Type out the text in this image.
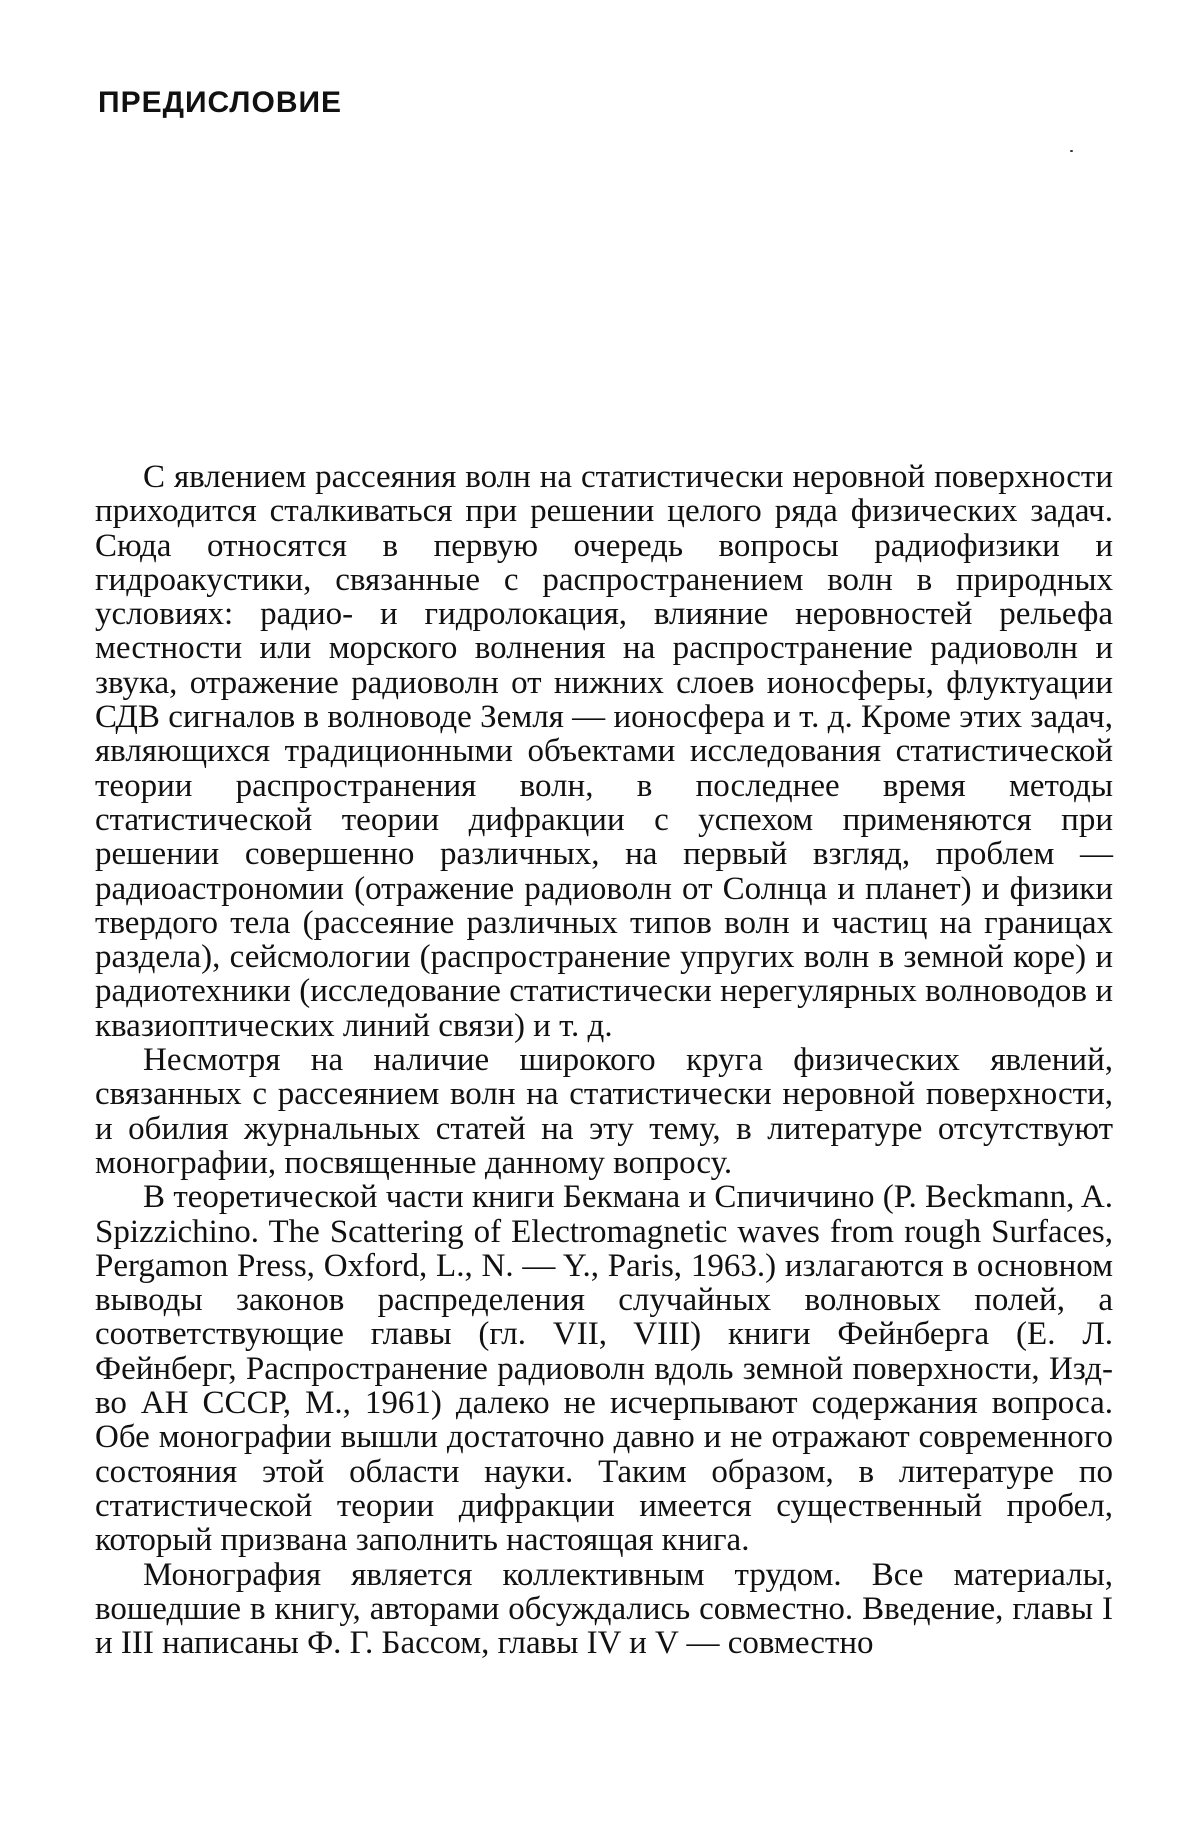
ПРЕДИСЛОВИЕ

С явлением рассеяния волн на статистически неровной поверхности приходится сталкиваться при решении целого ряда физических задач. Сюда относятся в первую очередь вопросы радиофизики и гидроакустики, связанные с распространением волн в природных условиях: радио- и гидролокация, влияние неровностей рельефа местности или морского волнения на распространение радиоволн и звука, отражение радиоволн от нижних слоев ионосферы, флуктуации СДВ сигналов в волноводе Земля — ионосфера и т. д. Кроме этих задач, являющихся традиционными объектами исследования статистической теории распространения волн, в последнее время методы статистической теории дифракции с успехом применяются при решении совершенно различных, на первый взгляд, проблем — радиоастрономии (отражение радиоволн от Солнца и планет) и физики твердого тела (рассеяние различных типов волн и частиц на границах раздела), сейсмологии (распространение упругих волн в земной коре) и радиотехники (исследование статистически нерегулярных волноводов и квазиоптических линий связи) и т. д.

Несмотря на наличие широкого круга физических явлений, связанных с рассеянием волн на статистически неровной поверхности, и обилия журнальных статей на эту тему, в литературе отсутствуют монографии, посвященные данному вопросу.

В теоретической части книги Бекмана и Спичичино (P. Beckmann, A. Spizzichino. The Scattering of Electromagnetic waves from rough Surfaces, Pergamon Press, Oxford, L., N. — Y., Paris, 1963.) излагаются в основном выводы законов распределения случайных волновых полей, а соответствующие главы (гл. VII, VIII) книги Фейнберга (Е. Л. Фейнберг, Распространение радиоволн вдоль земной поверхности, Изд-во АН СССР, М., 1961) далеко не исчерпывают содержания вопроса. Обе монографии вышли достаточно давно и не отражают современного состояния этой области науки. Таким образом, в литературе по статистической теории дифракции имеется существенный пробел, который призвана заполнить настоящая книга.

Монография является коллективным трудом. Все материалы, вошедшие в книгу, авторами обсуждались совместно. Введение, главы I и III написаны Ф. Г. Бассом, главы IV и V — совместно
